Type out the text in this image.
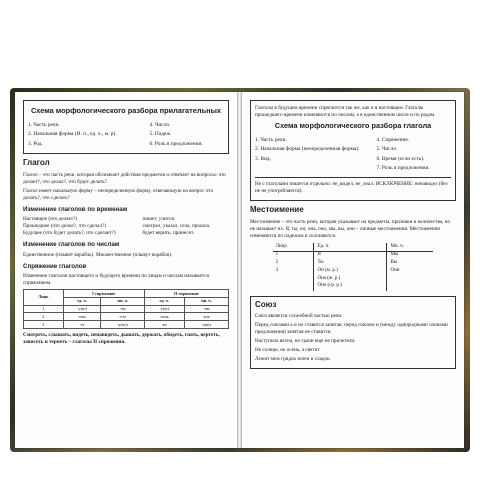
Схема морфологического разбора прилагательных
1. Часть речи.
2. Начальная форма (И. п., ед. ч., м. р).
3. Род.
4. Число.
5. Падеж.
6. Роль в предложении.
Глагол

Глагол – это часть речи, которая обозначает действия предметов и отвечает на вопросы: что делает?, что делал?, что будет делать?

Глагол имеет начальную форму – неопределенную форму, отвечающую на вопрос что делать?, что сделать?

Изменение глаголов по временам
Настоящее (что делает?)	пишет, учится.
Прошедшее (что делал?, что сделал?)	смотрел, указал, села, прошла.
Будущее (что будет делать?, что сделает?)	будет верить, принесет.
Изменение глаголов по числам

Единственное (плывет корабль). Множественное (плывут корабли).

Спряжение глаголов

Изменение глаголов настоящего и будущего времени по лицам и числам называется спряжением.

Лицо	I спряжение		II спряжение	
	ед. ч.	мн. ч.	ед. ч.	мн. ч.
1	-у(ю)	-ем	-у(ю)	-им
2	-ешь	-ете	-ишь	-ите
3	-ет	-у(ю)т	-ит	-а(я)т

Смотреть, слышать, видеть, ненавидеть, дышать, держать, обидеть, гнать, вертеть, зависеть и терпеть – глаголы II спряжения.

Глаголы в будущем времени спрягаются так же, как и в настоящем. Глаголы прошедшего времени изменяются по числам, а в единственном числе и по родам.

Схема морфологического разбора глагола
1. Часть речи.
2. Начальная форма (неопределенная форма).
3. Вид.
4. Спряжение.
5. Число.
6. Время (если есть).
7. Роль в предложении.

Не с глаголами пишется отдельно: не_видел, не_знал. ИСКЛЮЧЕНИЕ: ненавидел (без не не употребляется).

Местоимение

Местоимение – это часть речи, которая указывает на предметы, признаки и количества, но не называет их. Я, ты, он, она, оно, мы, вы, они – личные местоимения. Местоимения изменяются по падежам и склоняются.

Лицо	Ед. ч.	Мн. ч.
1	Я	Мы
2	Ты	Вы
3	Он (м. р.)	Они
	Она (ж. р.)	
	Оно (ср. р.)	
Союз

Союз является служебной частью речи.

Перед союзами а и но ставится запятая, перед союзом и (между однородными членами предложения) запятая не ставится.

Наступила весна, но грачи еще не прилетели.

Не солнце, не осень, а светит.

Лежит меж грядок зелен и сладок.
